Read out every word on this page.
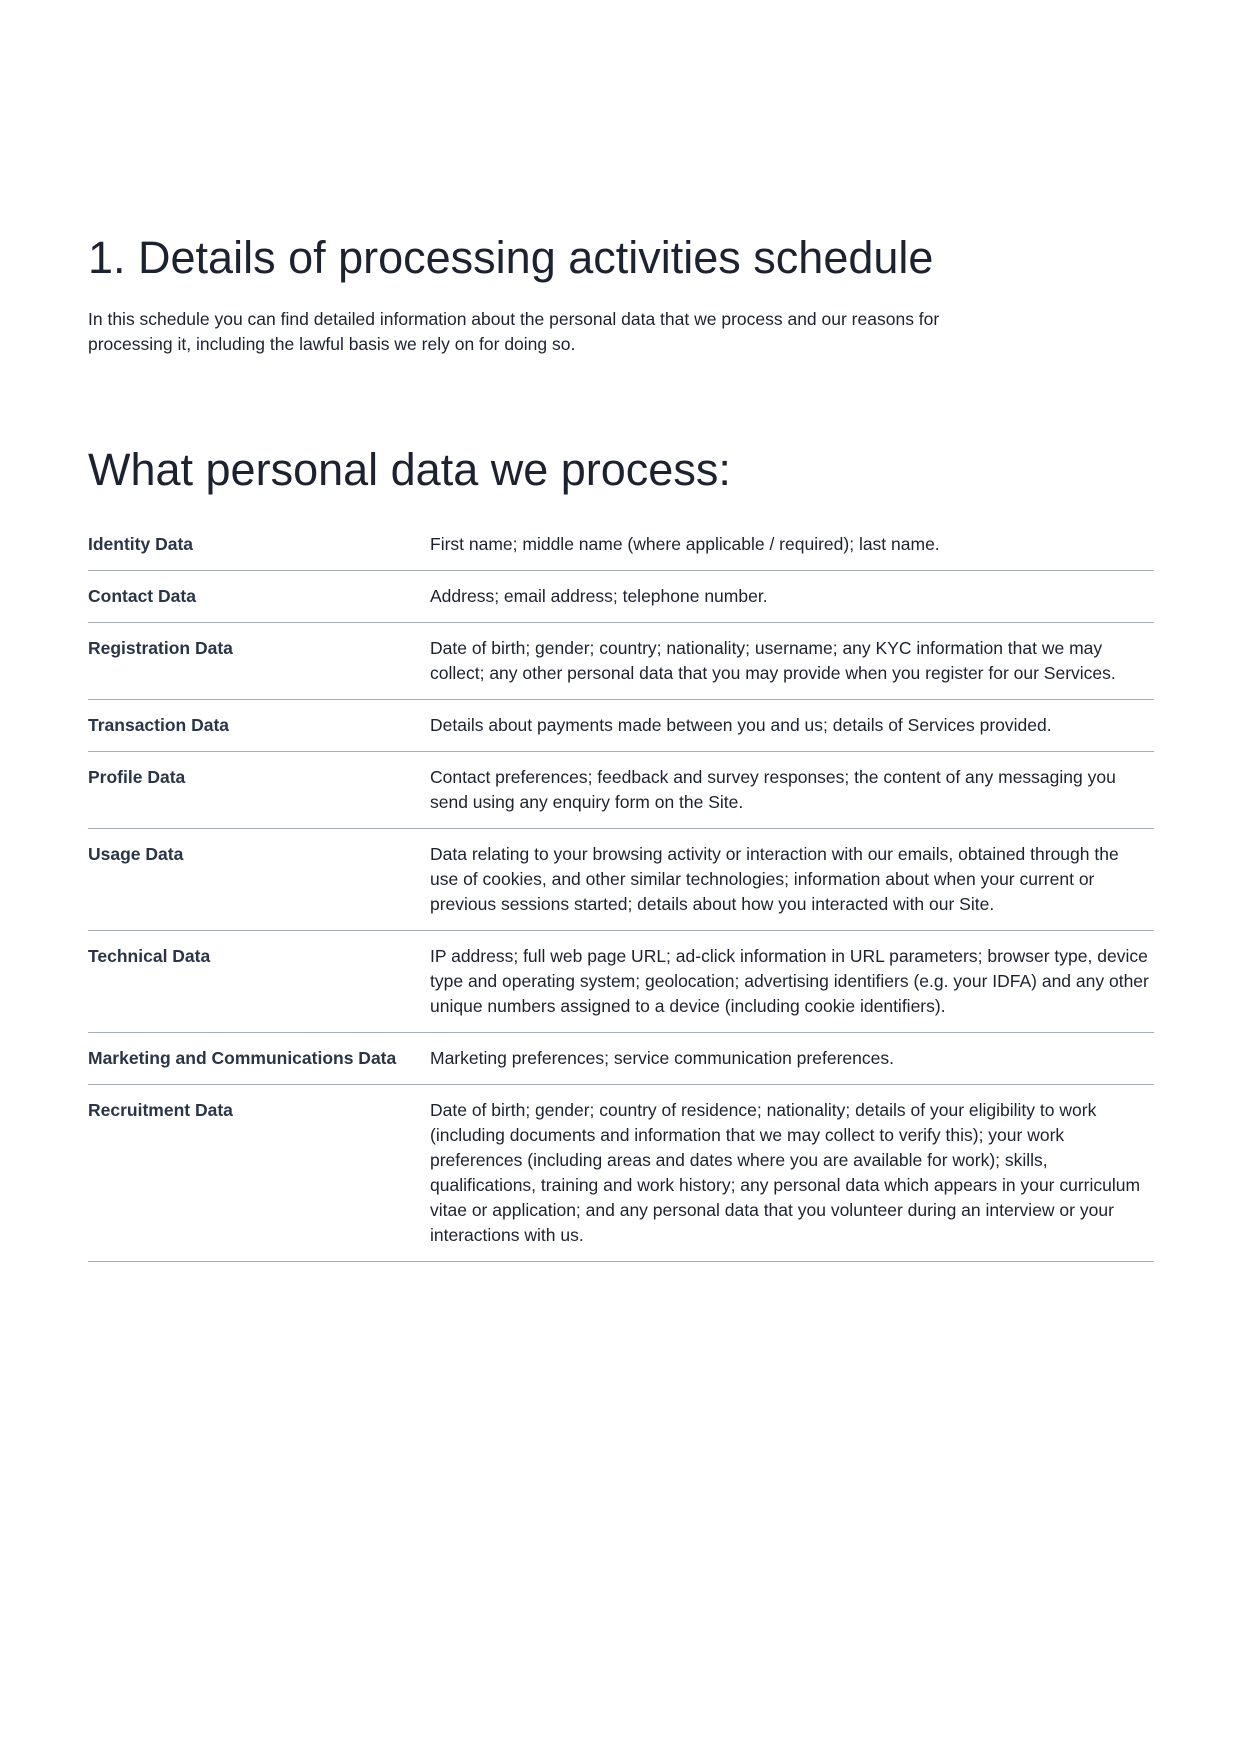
1. Details of processing activities schedule

In this schedule you can find detailed information about the personal data that we process and our reasons for processing it, including the lawful basis we rely on for doing so.

What personal data we process:
Identity Data	First name; middle name (where applicable / required); last name.
Contact Data	Address; email address; telephone number.
Registration Data	Date of birth; gender; country; nationality; username; any KYC information that we may collect; any other personal data that you may provide when you register for our Services.
Transaction Data	Details about payments made between you and us; details of Services provided.
Profile Data	Contact preferences; feedback and survey responses; the content of any messaging you send using any enquiry form on the Site.
Usage Data	Data relating to your browsing activity or interaction with our emails, obtained through the use of cookies, and other similar technologies; information about when your current or previous sessions started; details about how you interacted with our Site.
Technical Data	IP address; full web page URL; ad-click information in URL parameters; browser type, device type and operating system; geolocation; advertising identifiers (e.g. your IDFA) and any other unique numbers assigned to a device (including cookie identifiers).
Marketing and Communications Data	Marketing preferences; service communication preferences.
Recruitment Data	Date of birth; gender; country of residence; nationality; details of your eligibility to work (including documents and information that we may collect to verify this); your work preferences (including areas and dates where you are available for work); skills, qualifications, training and work history; any personal data which appears in your curriculum vitae or application; and any personal data that you volunteer during an interview or your interactions with us.
